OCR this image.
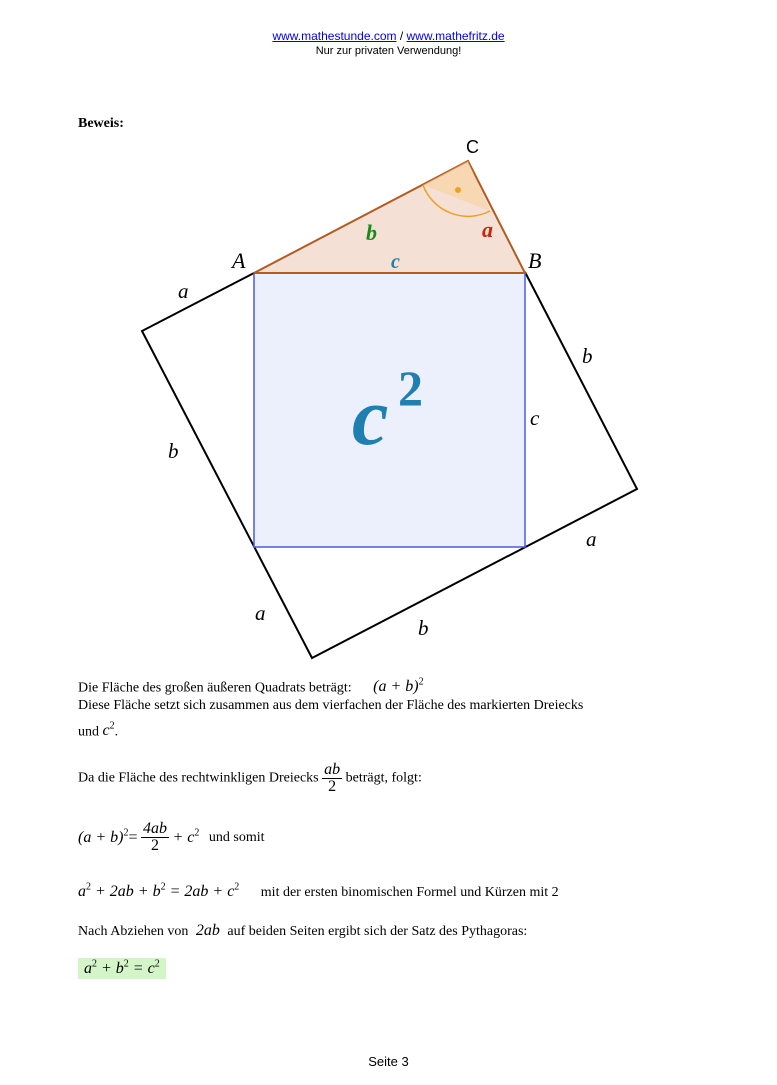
www.mathestunde.com / www.mathefritz.de
Nur zur privaten Verwendung!
Beweis:
C
A	B
b	a
c
c 2
a
b
a
b
a
b
c
Die Fläche des großen äußeren Quadrats beträgt: $(a + b)^2$
Diese Fläche setzt sich zusammen aus dem vierfachen der Fläche des markierten Dreiecks
und $c^2$.
Da die Fläche des rechtwinkligen Dreiecks $\frac{ab}{2}$ beträgt, folgt:
$(a + b)^2= \frac{4ab}{2} + c^2$ und somit
$a^2 + 2ab + b^2 = 2ab + c^2$ mit der ersten binomischen Formel und Kürzen mit 2
Nach Abziehen von 2ab auf beiden Seiten ergibt sich der Satz des Pythagoras:
$a^2 + b^2 = c^2$
Seite 3
